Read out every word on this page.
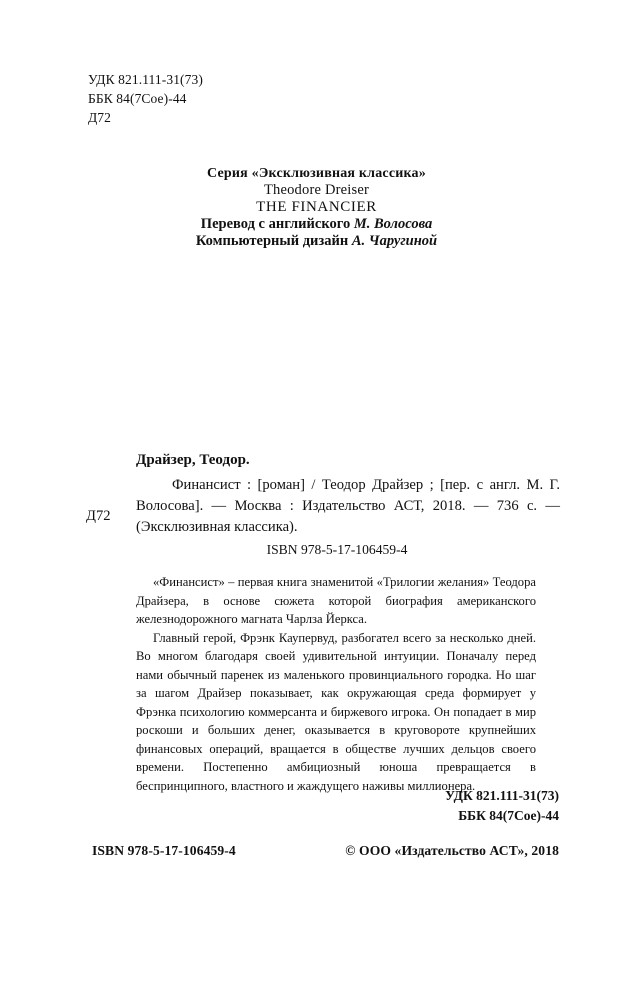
УДК 821.111-31(73)
ББК 84(7Сое)-44
Д72
Серия «Эксклюзивная классика»
Theodore Dreiser
THE FINANCIER
Перевод с английского М. Волосова
Компьютерный дизайн А. Чаругиной
Драйзер, Теодор.
Д72
Финансист : [роман] / Теодор Драйзер ; [пер. с англ. М. Г. Волосова]. — Москва : Издательство АСТ, 2018. — 736 с. — (Эксклюзивная классика).
ISBN 978-5-17-106459-4

«Финансист» – первая книга знаменитой «Трилогии желания» Теодора Драйзера, в основе сюжета которой биография американского железнодорожного магната Чарлза Йеркса.

Главный герой, Фрэнк Каупервуд, разбогател всего за несколько дней. Во многом благодаря своей удивительной интуиции. Поначалу перед нами обычный паренек из маленького провинциального городка. Но шаг за шагом Драйзер показывает, как окружающая среда формирует у Фрэнка психологию коммерсанта и биржевого игрока. Он попадает в мир роскоши и больших денег, оказывается в круговороте крупнейших финансовых операций, вращается в обществе лучших дельцов своего времени. Постепенно амбициозный юноша превращается в беспринципного, властного и жаждущего наживы миллионера.

УДК 821.111-31(73)
ББК 84(7Сое)-44
ISBN 978-5-17-106459-4	© ООО «Издательство АСТ», 2018
